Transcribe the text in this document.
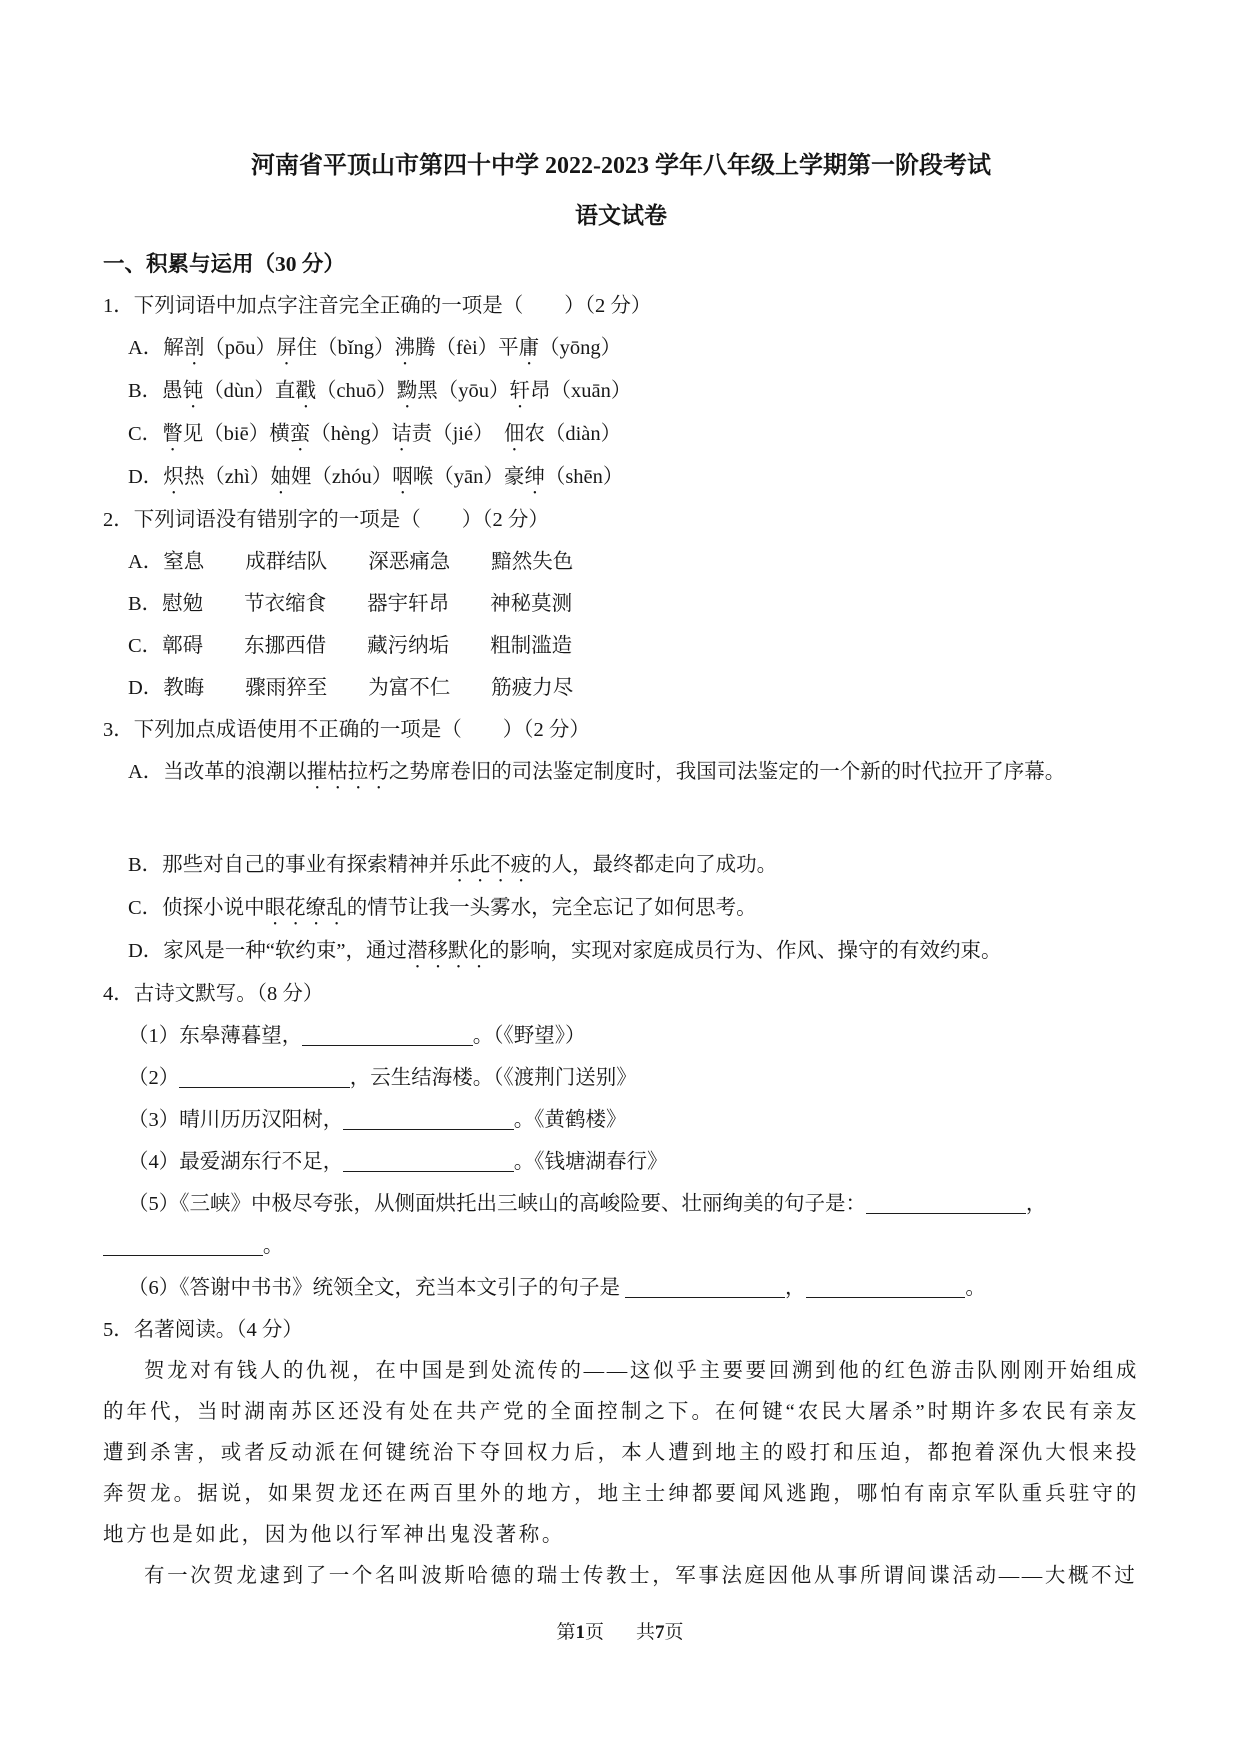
河南省平顶山市第四十中学 2022-2023 学年八年级上学期第一阶段考试
语文试卷
一、积累与运用（30 分）
1．下列词语中加点字注音完全正确的一项是（　　）（2 分）
A．解剖（pōu）屏住（bǐng）沸腾（fèi）平庸（yōng）
B．愚钝（dùn）直戳（chuō）黝黑（yōu）轩昂（xuān）
C．瞥见（biē）横蛮（hèng）诘责（jié）　佃农（diàn）
D．炽热（zhì）妯娌（zhóu）咽喉（yān）豪绅（shēn）
2．下列词语没有错别字的一项是（　　）（2 分）
A．窒息　　成群结队　　深恶痛急　　黯然失色
B．慰勉　　节衣缩食　　器宇轩昂　　神秘莫测
C．鄣碍　　东挪西借　　藏污纳垢　　粗制滥造
D．教晦　　骤雨猝至　　为富不仁　　筋疲力尽
3．下列加点成语使用不正确的一项是（　　）（2 分）
A．当改革的浪潮以摧枯拉朽之势席卷旧的司法鉴定制度时，我国司法鉴定的一个新的时代拉开了序幕。
B．那些对自己的事业有探索精神并乐此不疲的人，最终都走向了成功。
C．侦探小说中眼花缭乱的情节让我一头雾水，完全忘记了如何思考。
D．家风是一种“软约束”，通过潜移默化的影响，实现对家庭成员行为、作风、操守的有效约束。
4．古诗文默写。（8 分）
（1）东皋薄暮望，	。（《野望》）
（2）	，云生结海楼。（《渡荆门送别》
（3）晴川历历汉阳树，	。《黄鹤楼》
（4）最爱湖东行不足，	。《钱塘湖春行》
（5）《三峡》中极尽夸张，从侧面烘托出三峡山的高峻险要、壮丽绚美的句子是：	，
。
（6）《答谢中书书》统领全文，充当本文引子的句子是	，	。
5．名著阅读。（4 分）
贺龙对有钱人的仇视，在中国是到处流传的——这似乎主要要回溯到他的红色游击队刚刚开始组成的年代，当时湖南苏区还没有处在共产党的全面控制之下。在何键“农民大屠杀”时期许多农民有亲友遭到杀害，或者反动派在何键统治下夺回权力后，本人遭到地主的殴打和压迫，都抱着深仇大恨来投奔贺龙。据说，如果贺龙还在两百里外的地方，地主士绅都要闻风逃跑，哪怕有南京军队重兵驻守的地方也是如此，因为他以行军神出鬼没著称。
有一次贺龙逮到了一个名叫波斯哈德的瑞士传教士，军事法庭因他从事所谓间谍活动——大概不过
第1页 共7页
